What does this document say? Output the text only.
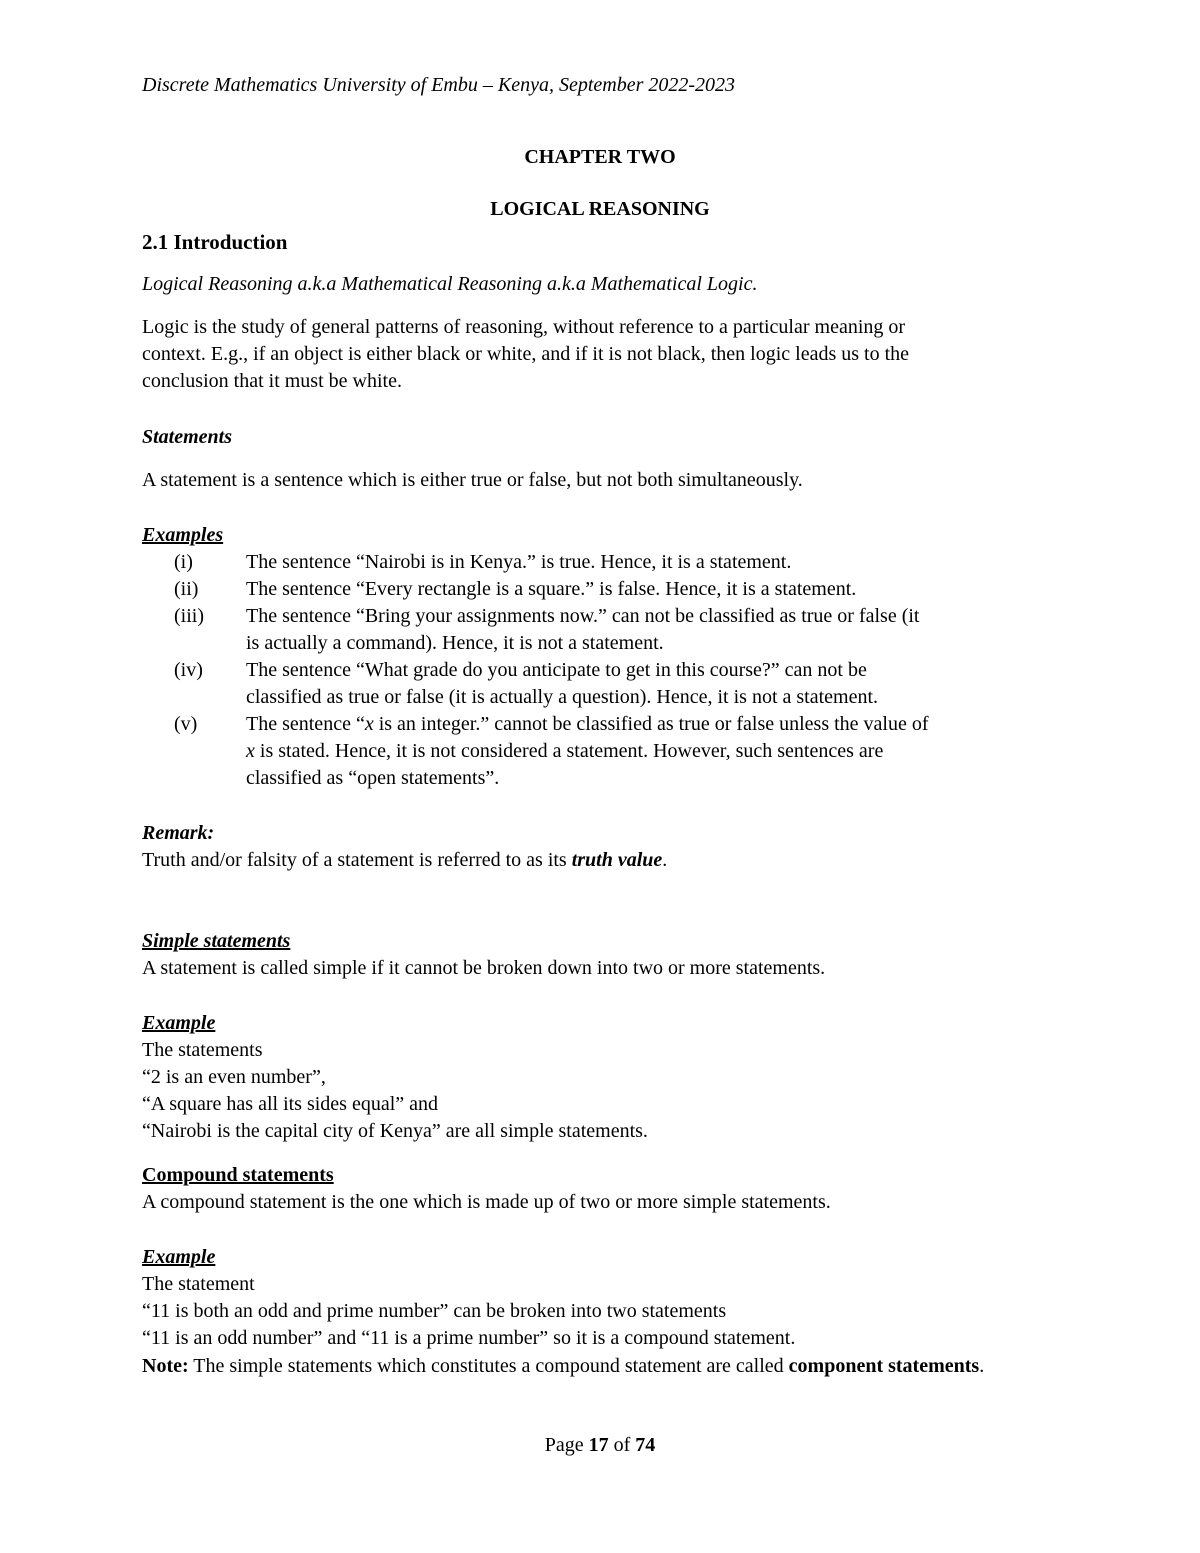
Discrete Mathematics University of Embu – Kenya, September 2022-2023

CHAPTER TWO

LOGICAL REASONING

2.1 Introduction

Logical Reasoning a.k.a Mathematical Reasoning a.k.a Mathematical Logic.

Logic is the study of general patterns of reasoning, without reference to a particular meaning or
context. E.g., if an object is either black or white, and if it is not black, then logic leads us to the
conclusion that it must be white.

Statements

A statement is a sentence which is either true or false, but not both simultaneously.

Examples

(i)	The sentence “Nairobi is in Kenya.” is true. Hence, it is a statement.
(ii)	The sentence “Every rectangle is a square.” is false. Hence, it is a statement.
(iii)	The sentence “Bring your assignments now.” can not be classified as true or false (it
is actually a command). Hence, it is not a statement.
(iv)	The sentence “What grade do you anticipate to get in this course?” can not be
classified as true or false (it is actually a question). Hence, it is not a statement.
(v)	The sentence “x is an integer.” cannot be classified as true or false unless the value of
x is stated. Hence, it is not considered a statement. However, such sentences are
classified as “open statements”.

Remark:

Truth and/or falsity of a statement is referred to as its truth value.

Simple statements

A statement is called simple if it cannot be broken down into two or more statements.

Example

The statements
“2 is an even number”,
“A square has all its sides equal” and
“Nairobi is the capital city of Kenya” are all simple statements.

Compound statements

A compound statement is the one which is made up of two or more simple statements.

Example

The statement
“11 is both an odd and prime number” can be broken into two statements
“11 is an odd number” and “11 is a prime number” so it is a compound statement.

Note: The simple statements which constitutes a compound statement are called component statements.

Page 17 of 74
